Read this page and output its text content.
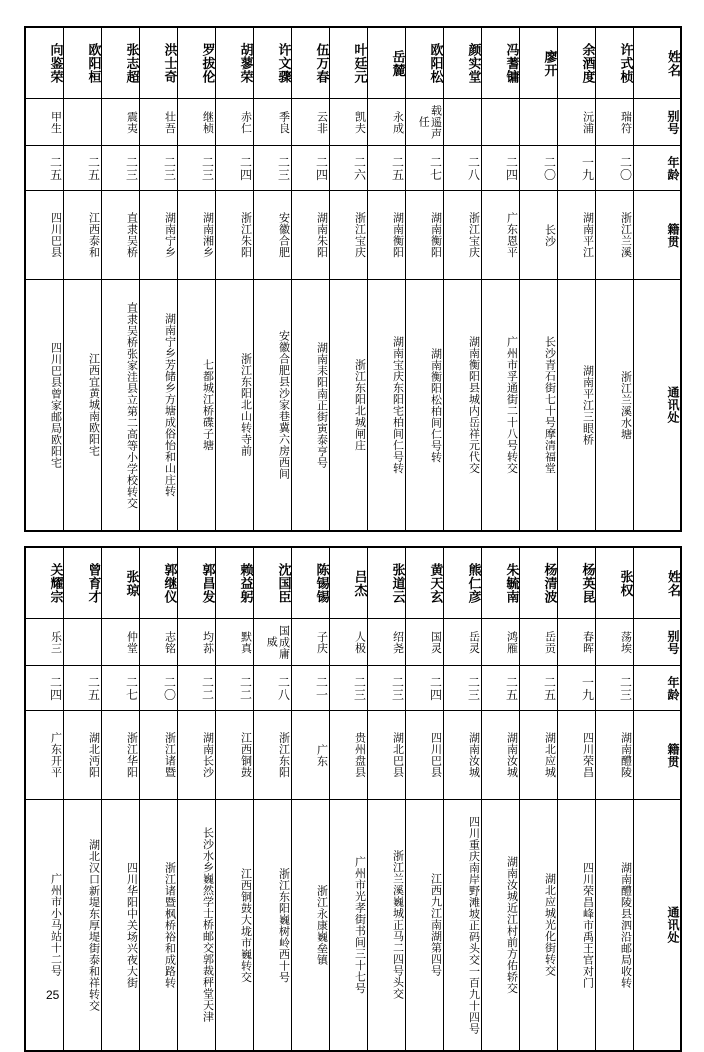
向鉴荣	欧阳桓	张志超	洪士奇	罗拔伦	胡蓼荣	许文骤	伍万春	叶廷元	岳麓	欧阳松	颜实堂	冯蓍镛	廖开	余酒度	许式桢	姓名
甲生		震夷	壮吾	继桢	赤仁	季良	云非	凯夫	永成	载遥声任				沅浦	瑞符	别号
二五	二五	二三	二三	二三	二四	二三	二四	二六	二五	二七	二八	二四	二〇	一九	二〇	年龄
四川巴县	江西泰和	直隶吴桥	湖南宁乡	湖南湘乡	浙江朱阳	安徽合肥	湖南朱阳	浙江宝庆	湖南衡阳	湖南衡阳	浙江宝庆	广东恩平	长沙	湖南平江	浙江兰溪	籍贯
四川巴县曾家邮局欧阳宅	江西宜黄城南欧阳宅	直隶吴桥张家洼县立第二高等小学校转交	湖南宁乡芳储乡方塘成俗怡和山庄转	七都城江桥碟子塘	浙江东阳北山转寺前	安徽合肥县沙家巷冀六房西间	湖南耒阳南正街寅泰亨号	浙江东阳北城闸庄	湖南宝庆东阳宅柏间仁号转	湖南衡阳松柏间仁号转	湖南衡阳县城内岳祥元代交	广州市孚通街二十八号转交	长沙青石街七十号摩清福堂	湖南平江三眼桥	浙江兰溪水塘	通讯处
关耀宗	曾育才	张琼	郭继仪	郭昌发	赖益躬	沈国臣	陈锡锡	吕杰	张道云	黄天玄	熊仁彦	朱毓南	杨清波	杨英昆	张权	姓名
乐三		仲堂	志铭	均荪	默真	国成庸威	子庆	人极	绍尧	国灵	岳灵	鸿雁	岳贡	春晖	荡埃	别号
二四	二五	二七	二〇	二二	二二	二八	二一	二三	二三	二四	二三	二五	二五	一九	二三	年龄
广东开平	湖北沔阳	浙江华阳	浙江诸暨	湖南长沙	江西铜鼓	浙江东阳	广东	贵州盘县	湖北巴县	四川巴县	湖南汝城	湖南汝城	湖北应城	四川荣昌	湖南醴陵	籍贯
广州市小马站十二号	湖北汉口新堤东厚堤街泰和祥转交	四川华阳中关场兴夜大街	浙江诸暨枫桥裕和成路转	长沙水乡巍然学士桥邮交郭裁秤堂天津	江西铜鼓大垅市巍转交	浙江东阳巍树岭西十号	浙江永康巍垒镇	广州市光孝街书间三十七号	浙江兰溪巍城正马二四号头交	江西九江南湖第四号	四川重庆南岸野滩坡正码头交一百九十四号	湖南汝城近江村前方佑轿交	湖北应城光化街转交	四川荣昌峰市禹王官对门	湖南醴陵县泗沿邮局收转	通讯处
25
